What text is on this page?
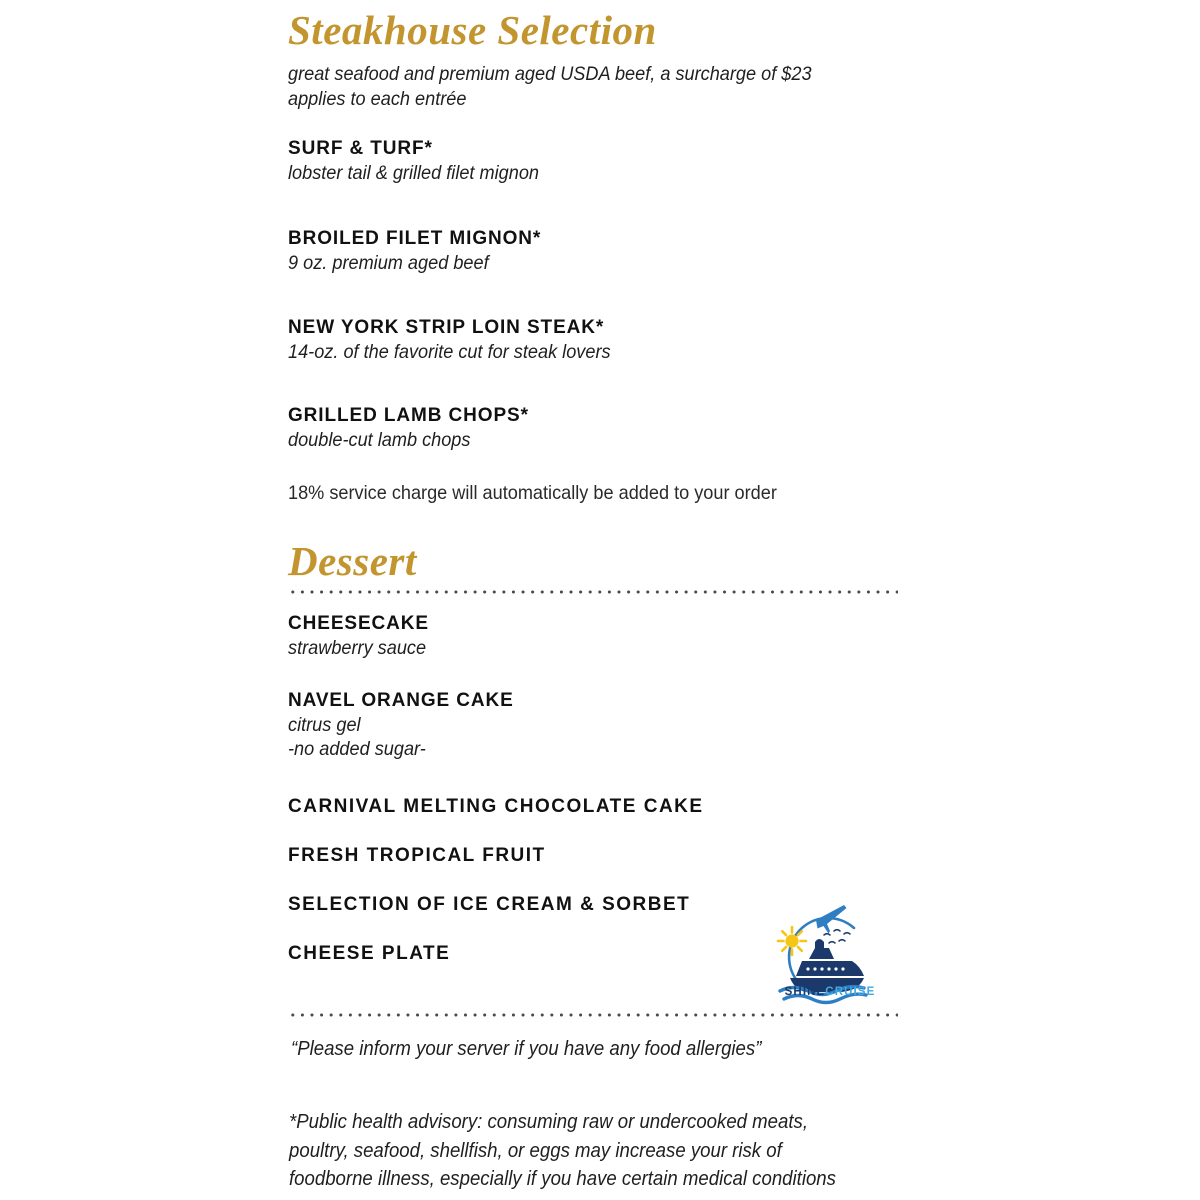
Steakhouse Selection
great seafood and premium aged USDA beef, a surcharge of $23 applies to each entrée

SURF & TURF*

lobster tail & grilled filet mignon

BROILED FILET MIGNON*

9 oz. premium aged beef

NEW YORK STRIP LOIN STEAK*

14-oz. of the favorite cut for steak lovers

GRILLED LAMB CHOPS*

double-cut lamb chops

18% service charge will automatically be added to your order
Dessert

CHEESECAKE

strawberry sauce

NAVEL ORANGE CAKE

citrus gel

-no added sugar-

CARNIVAL MELTING CHOCOLATE CAKE

FRESH TROPICAL FRUIT

SELECTION OF ICE CREAM & SORBET

CHEESE PLATE

SHINECRUISE
“Please inform your server if you have any food allergies”
*Public health advisory: consuming raw or undercooked meats,
poultry, seafood, shellfish, or eggs may increase your risk of
foodborne illness, especially if you have certain medical conditions
